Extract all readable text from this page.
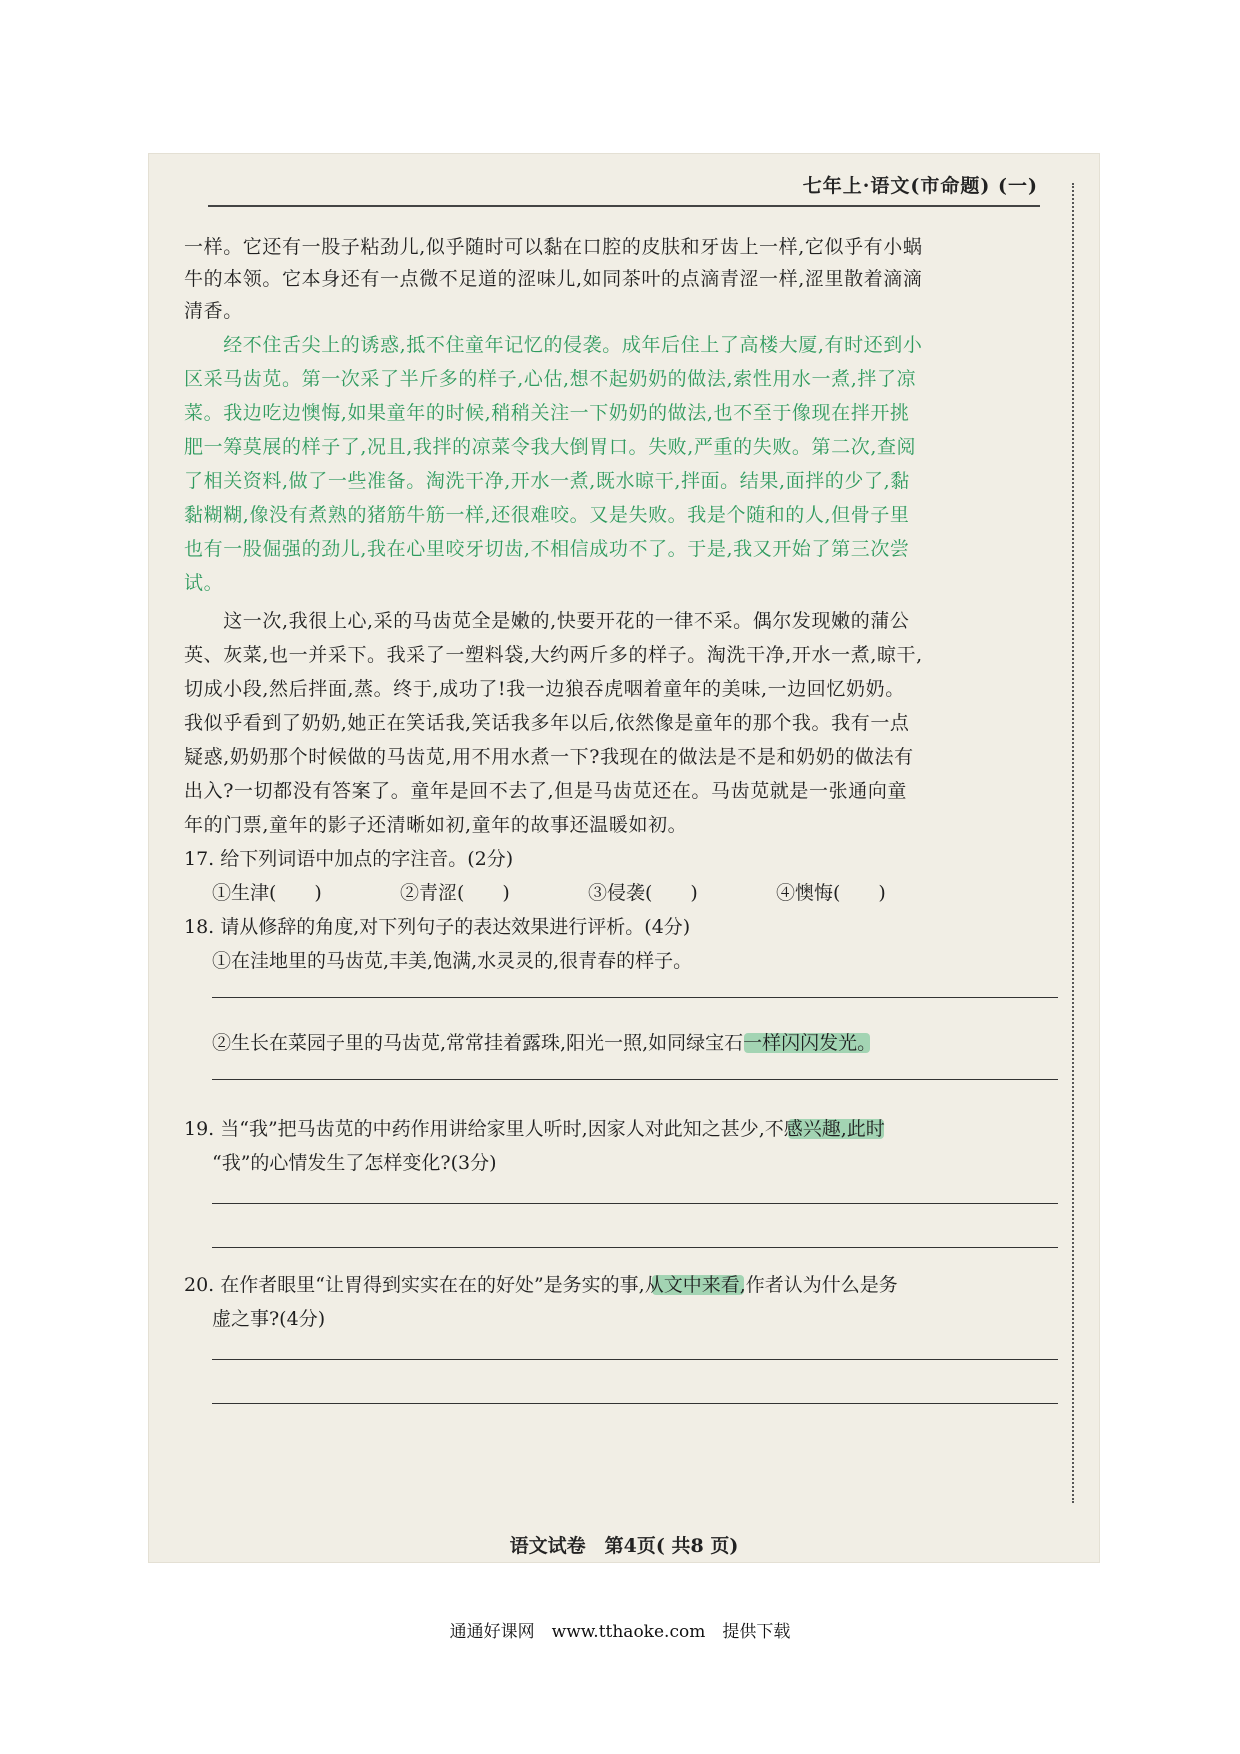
七年上·语文(市命题) (一)
一样。它还有一股子粘劲儿,似乎随时可以黏在口腔的皮肤和牙齿上一样,它似乎有小蜗
牛的本领。它本身还有一点微不足道的涩味儿,如同茶叶的点滴青涩一样,涩里散着滴滴
清香。
　　经不住舌尖上的诱惑,抵不住童年记忆的侵袭。成年后住上了高楼大厦,有时还到小
区采马齿苋。第一次采了半斤多的样子,心估,想不起奶奶的做法,索性用水一煮,拌了凉
菜。我边吃边懊悔,如果童年的时候,稍稍关注一下奶奶的做法,也不至于像现在拌开挑
肥一筹莫展的样子了,况且,我拌的凉菜令我大倒胃口。失败,严重的失败。第二次,查阅
了相关资料,做了一些准备。淘洗干净,开水一煮,既水晾干,拌面。结果,面拌的少了,黏
黏糊糊,像没有煮熟的猪筋牛筋一样,还很难咬。又是失败。我是个随和的人,但骨子里
也有一股倔强的劲儿,我在心里咬牙切齿,不相信成功不了。于是,我又开始了第三次尝
试。
　　这一次,我很上心,采的马齿苋全是嫩的,快要开花的一律不采。偶尔发现嫩的蒲公
英、灰菜,也一并采下。我采了一塑料袋,大约两斤多的样子。淘洗干净,开水一煮,晾干,
切成小段,然后拌面,蒸。终于,成功了!我一边狼吞虎咽着童年的美味,一边回忆奶奶。
我似乎看到了奶奶,她正在笑话我,笑话我多年以后,依然像是童年的那个我。我有一点
疑惑,奶奶那个时候做的马齿苋,用不用水煮一下?我现在的做法是不是和奶奶的做法有
出入?一切都没有答案了。童年是回不去了,但是马齿苋还在。马齿苋就是一张通向童
年的门票,童年的影子还清晰如初,童年的故事还温暖如初。
17. 给下列词语中加点的字注音。(2分)
①生津(　　)	②青涩(　　)	③侵袭(　　)	④懊悔(　　)
18. 请从修辞的角度,对下列句子的表达效果进行评析。(4分)
①在洼地里的马齿苋,丰美,饱满,水灵灵的,很青春的样子。
②生长在菜园子里的马齿苋,常常挂着露珠,阳光一照,如同绿宝石一样闪闪发光。
19. 当“我”把马齿苋的中药作用讲给家里人听时,因家人对此知之甚少,不感兴趣,此时
“我”的心情发生了怎样变化?(3分)
20. 在作者眼里“让胃得到实实在在的好处”是务实的事,从文中来看,作者认为什么是务
虚之事?(4分)
语文试卷　第4页( 共8 页)
通通好课网　www.tthaoke.com　提供下载
